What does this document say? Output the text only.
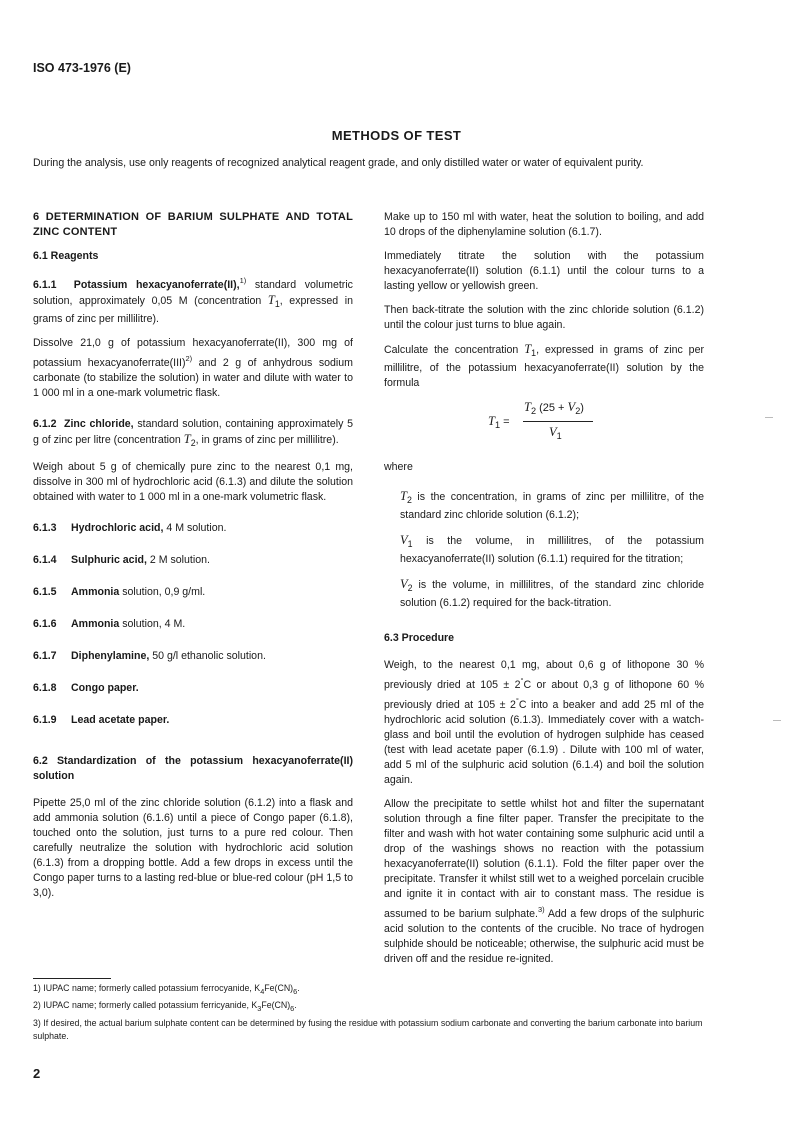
ISO 473-1976 (E)
METHODS OF TEST

During the analysis, use only reagents of recognized analytical reagent grade, and only distilled water or water of equivalent purity.

6 DETERMINATION OF BARIUM SULPHATE AND TOTAL ZINC CONTENT

6.1 Reagents

6.1.1 Potassium hexacyanoferrate(II),$^{1)}$ standard volumetric solution, approximately 0,05 M (concentration $T_1$, expressed in grams of zinc per millilitre).

Dissolve 21,0 g of potassium hexacyanoferrate(II), 300 mg of potassium hexacyanoferrate(III)$^{2)}$ and 2 g of anhydrous sodium carbonate (to stabilize the solution) in water and dilute with water to 1 000 ml in a one-mark volumetric flask.

6.1.2 Zinc chloride, standard solution, containing approximately 5 g of zinc per litre (concentration $T_2$, in grams of zinc per millilitre).

Weigh about 5 g of chemically pure zinc to the nearest 0,1 mg, dissolve in 300 ml of hydrochloric acid (6.1.3) and dilute the solution obtained with water to 1 000 ml in a one-mark volumetric flask.

6.1.3 Hydrochloric acid, 4 M solution.

6.1.4 Sulphuric acid, 2 M solution.

6.1.5 Ammonia solution, 0,9 g/ml.

6.1.6 Ammonia solution, 4 M.

6.1.7 Diphenylamine, 50 g/l ethanolic solution.

6.1.8 Congo paper.

6.1.9 Lead acetate paper.

6.2 Standardization of the potassium hexacyanoferrate(II) solution

Pipette 25,0 ml of the zinc chloride solution (6.1.2) into a flask and add ammonia solution (6.1.6) until a piece of Congo paper (6.1.8), touched onto the solution, just turns to a pure red colour. Then carefully neutralize the solution with hydrochloric acid solution (6.1.3) from a dropping bottle. Add a few drops in excess until the Congo paper turns to a lasting red-blue or blue-red colour (pH 1,5 to 3,0).

Make up to 150 ml with water, heat the solution to boiling, and add 10 drops of the diphenylamine solution (6.1.7).

Immediately titrate the solution with the potassium hexacyanoferrate(II) solution (6.1.1) until the colour turns to a lasting yellow or yellowish green.

Then back-titrate the solution with the zinc chloride solution (6.1.2) until the colour just turns to blue again.

Calculate the concentration $T_1$, expressed in grams of zinc per millilitre, of the potassium hexacyanoferrate(II) solution by the formula

$T_1$ =
$T_2$ $(25 + V_2)$
$V_1$

where

$T_2$ is the concentration, in grams of zinc per millilitre, of the standard zinc chloride solution (6.1.2);

$V_1$ is the volume, in millilitres, of the potassium hexacyanoferrate(II) solution (6.1.1) required for the titration;

$V_2$ is the volume, in millilitres, of the standard zinc chloride solution (6.1.2) required for the back-titration.

6.3 Procedure

Weigh, to the nearest 0,1 mg, about 0,6 g of lithopone 30 % previously dried at 105 ± 2°C or about 0,3 g of lithopone 60 % previously dried at 105 ± 2°C into a beaker and add 25 ml of the hydrochloric acid solution (6.1.3). Immediately cover with a watch-glass and boil until the evolution of hydrogen sulphide has ceased (test with lead acetate paper (6.1.9) . Dilute with 100 ml of water, add 5 ml of the sulphuric acid solution (6.1.4) and boil the solution again.

Allow the precipitate to settle whilst hot and filter the supernatant solution through a fine filter paper. Transfer the precipitate to the filter and wash with hot water containing some sulphuric acid until a drop of the washings shows no reaction with the potassium hexacyanoferrate(II) solution (6.1.1). Fold the filter paper over the precipitate. Transfer it whilst still wet to a weighed porcelain crucible and ignite it in contact with air to constant mass. The residue is assumed to be barium sulphate.$^{3)}$ Add a few drops of the sulphuric acid solution to the contents of the crucible. No trace of hydrogen sulphide should be noticeable; otherwise, the sulphuric acid must be driven off and the residue re-ignited.

1) IUPAC name; formerly called potassium ferrocyanide, $K_4Fe(CN)_6$.

2) IUPAC name; formerly called potassium ferricyanide, $K_3Fe(CN)_6$.

3) If desired, the actual barium sulphate content can be determined by fusing the residue with potassium sodium carbonate and converting the barium carbonate into barium sulphate.

2
